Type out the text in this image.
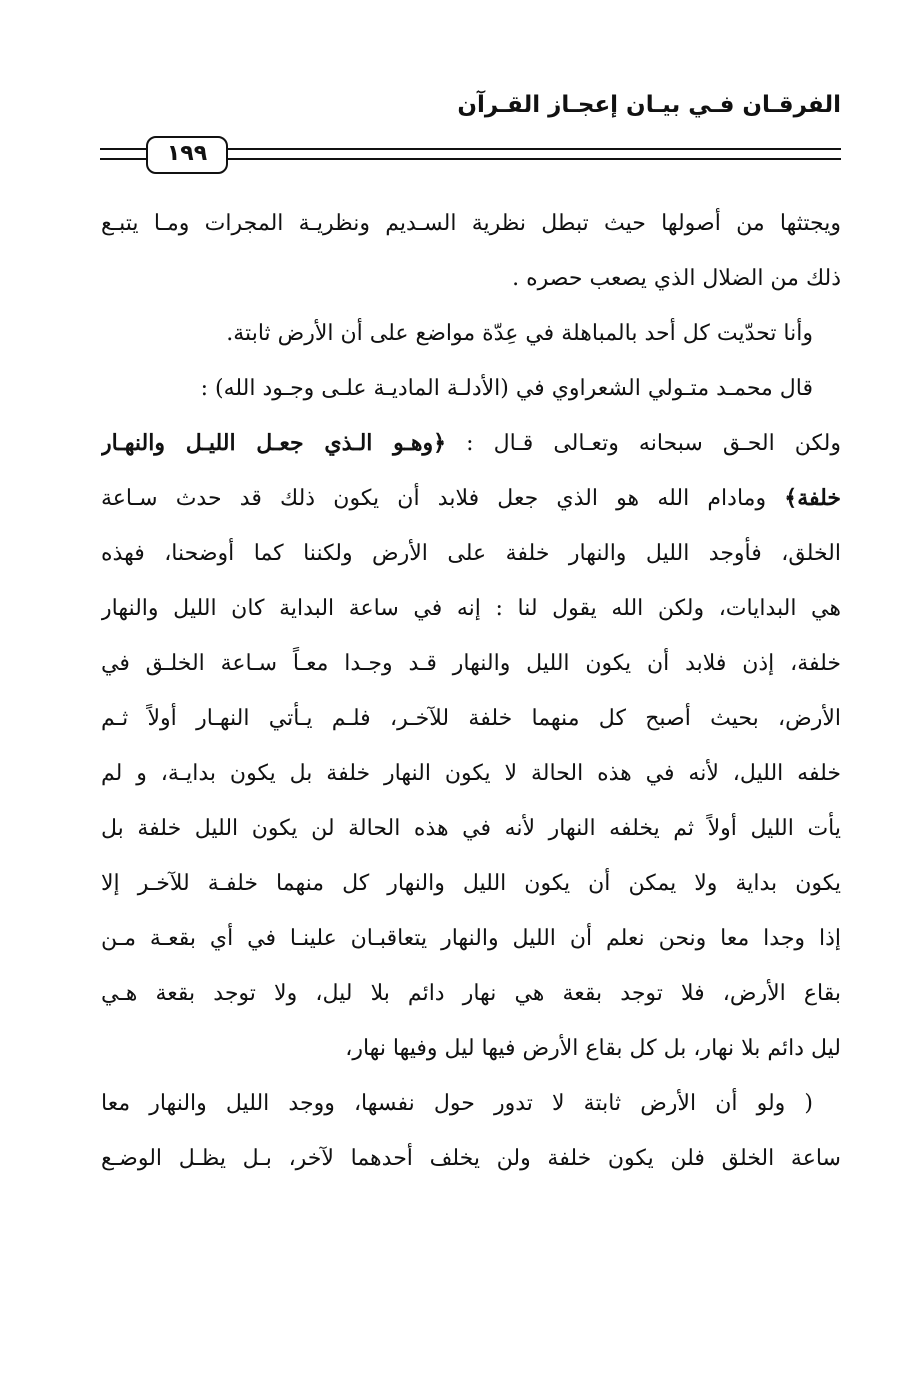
الفرقـان فـي بيـان إعجـاز القـرآن
١٩٩
ويجتثها من أصولها حيث تبطل نظرية السـديم ونظريـة المجرات ومـا يتبـع
ذلك من الضلال الذي يصعب حصره .
وأنا تحدّيت كل أحد بالمباهلة في عِدّة مواضع على أن الأرض ثابتة.
قال محمـد متـولي الشعراوي في (الأدلـة الماديـة علـى وجـود الله) :
ولكن الحـق سبحانه وتعـالى قـال : ﴿وهـو الـذي جعـل الليـل والنهـار
خلفة﴾ ومادام الله هو الذي جعل فلابد أن يكون ذلك قد حدث سـاعة
الخلق، فأوجد الليل والنهار خلفة على الأرض ولكننا كما أوضحنا، فهذه
هي البدايات، ولكن الله يقول لنا : إنه في ساعة البداية كان الليل والنهار
خلفة، إذن فلابد أن يكون الليل والنهار قـد وجـدا معـاً سـاعة الخلـق في
الأرض، بحيث أصبح كل منهما خلفة للآخـر، فلـم يـأتي النهـار أولاً ثـم
خلفه الليل، لأنه في هذه الحالة لا يكون النهار خلفة بل يكون بدايـة، و لم
يأت الليل أولاً ثم يخلفه النهار لأنه في هذه الحالة لن يكون الليل خلفة بل
يكون بداية ولا يمكن أن يكون الليل والنهار كل منهما خلفـة للآخـر إلا
إذا وجدا معا ونحن نعلم أن الليل والنهار يتعاقبـان علينـا في أي بقعـة مـن
بقاع الأرض، فلا توجد بقعة هي نهار دائم بلا ليل، ولا توجد بقعة هـي
ليل دائم بلا نهار، بل كل بقاع الأرض فيها ليل وفيها نهار،
( ولو أن الأرض ثابتة لا تدور حول نفسها، ووجد الليل والنهار معا
ساعة الخلق فلن يكون خلفة ولن يخلف أحدهما لآخر، بـل يظـل الوضـع
